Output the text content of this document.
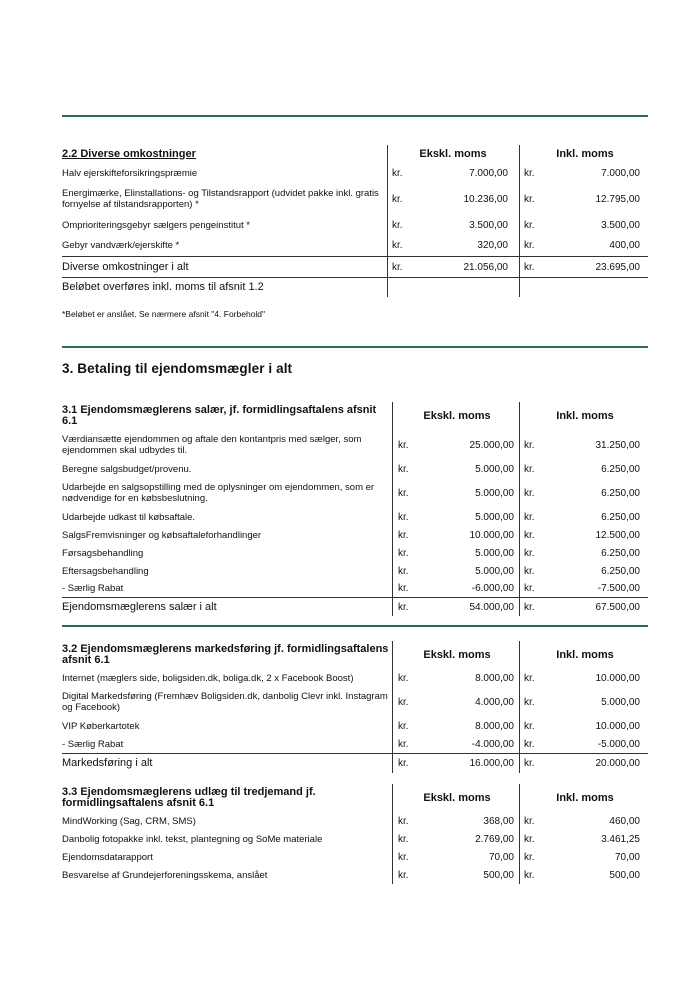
2.2 Diverse omkostninger	Ekskl. moms	Inkl. moms
Halv ejerskifteforsikringspræmie	kr.	7.000,00 kr.	7.000,00
Energimærke, Elinstallations- og Tilstandsrapport (udvidet pakke inkl. gratis fornyelse af tilstandsrapporten) *	kr.	10.236,00 kr.	12.795,00
Omprioriteringsgebyr sælgers pengeinstitut *	kr.	3.500,00 kr.	3.500,00
Gebyr vandværk/ejerskifte *	kr.	320,00 kr.	400,00
Diverse omkostninger i alt	kr.	21.056,00 kr.	23.695,00
Beløbet overføres inkl. moms til afsnit 1.2
*Beløbet er anslået. Se nærmere afsnit "4. Forbehold"
3. Betaling til ejendomsmægler i alt
3.1 Ejendomsmæglerens salær, jf. formidlingsaftalens afsnit 6.1	Ekskl. moms	Inkl. moms
Værdiansætte ejendommen og aftale den kontantpris med sælger, som ejendommen skal udbydes til.	kr.	25.000,00 kr.	31.250,00
Beregne salgsbudget/provenu.	kr.	5.000,00 kr.	6.250,00
Udarbejde en salgsopstilling med de oplysninger om ejendommen, som er nødvendige for en købsbeslutning.	kr.	5.000,00 kr.	6.250,00
Udarbejde udkast til købsaftale.	kr.	5.000,00 kr.	6.250,00
SalgsFremvisninger og købsaftaleforhandlinger	kr.	10.000,00 kr.	12.500,00
Førsagsbehandling	kr.	5.000,00 kr.	6.250,00
Eftersagsbehandling	kr.	5.000,00 kr.	6.250,00
- Særlig Rabat	kr.	-6.000,00 kr.	-7.500,00
Ejendomsmæglerens salær i alt	kr.	54.000,00 kr.	67.500,00
3.2 Ejendomsmæglerens markedsføring jf. formidlingsaftalens afsnit 6.1	Ekskl. moms	Inkl. moms
Internet (mæglers side, boligsiden.dk, boliga.dk, 2 x Facebook Boost)	kr.	8.000,00 kr.	10.000,00
Digital Markedsføring (Fremhæv Boligsiden.dk, danbolig Clevr inkl. Instagram og Facebook)	kr.	4.000,00 kr.	5.000,00
VIP Køberkartotek	kr.	8.000,00 kr.	10.000,00
- Særlig Rabat	kr.	-4.000,00 kr.	-5.000,00
Markedsføring i alt	kr.	16.000,00 kr.	20.000,00
3.3 Ejendomsmæglerens udlæg til tredjemand jf. formidlingsaftalens afsnit 6.1	Ekskl. moms	Inkl. moms
MindWorking (Sag, CRM, SMS)	kr.	368,00 kr.	460,00
Danbolig fotopakke inkl. tekst, plantegning og SoMe materiale	kr.	2.769,00 kr.	3.461,25
Ejendomsdatarapport	kr.	70,00 kr.	70,00
Besvarelse af Grundejerforeningsskema, anslået	kr.	500,00 kr.	500,00
